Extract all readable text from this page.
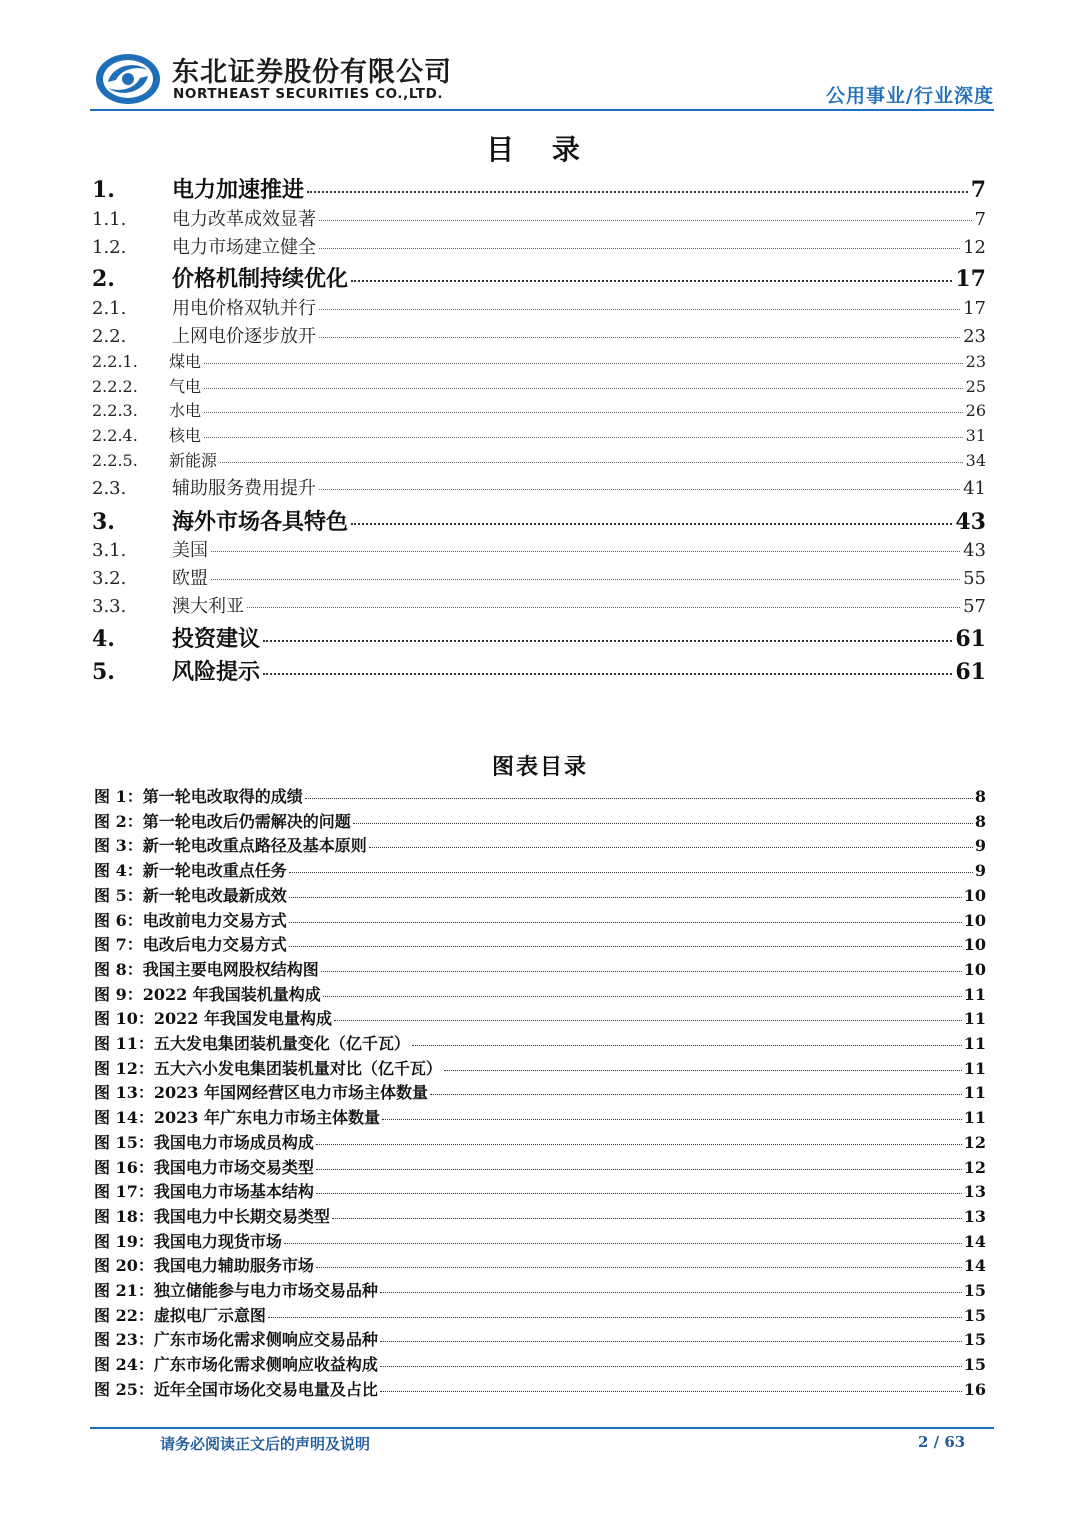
东北证券股份有限公司
NORTHEAST SECURITIES CO.,LTD.	公用事业/行业深度
目 录
1.	电力加速推进	7
1.1.	电力改革成效显著	7
1.2.	电力市场建立健全	12
2.	价格机制持续优化	17
2.1.	用电价格双轨并行	17
2.2.	上网电价逐步放开	23
2.2.1.	煤电	23
2.2.2.	气电	25
2.2.3.	水电	26
2.2.4.	核电	31
2.2.5.	新能源	34
2.3.	辅助服务费用提升	41
3.	海外市场各具特色	43
3.1.	美国	43
3.2.	欧盟	55
3.3.	澳大利亚	57
4.	投资建议	61
5.	风险提示	61
图表目录
图 1：第一轮电改取得的成绩	8
图 2：第一轮电改后仍需解决的问题	8
图 3：新一轮电改重点路径及基本原则	9
图 4：新一轮电改重点任务	9
图 5：新一轮电改最新成效	10
图 6：电改前电力交易方式	10
图 7：电改后电力交易方式	10
图 8：我国主要电网股权结构图	10
图 9：2022 年我国装机量构成	11
图 10：2022 年我国发电量构成	11
图 11：五大发电集团装机量变化（亿千瓦）	11
图 12：五大六小发电集团装机量对比（亿千瓦）	11
图 13：2023 年国网经营区电力市场主体数量	11
图 14：2023 年广东电力市场主体数量	11
图 15：我国电力市场成员构成	12
图 16：我国电力市场交易类型	12
图 17：我国电力市场基本结构	13
图 18：我国电力中长期交易类型	13
图 19：我国电力现货市场	14
图 20：我国电力辅助服务市场	14
图 21：独立储能参与电力市场交易品种	15
图 22：虚拟电厂示意图	15
图 23：广东市场化需求侧响应交易品种	15
图 24：广东市场化需求侧响应收益构成	15
图 25：近年全国市场化交易电量及占比	16
请务必阅读正文后的声明及说明	2 / 63
